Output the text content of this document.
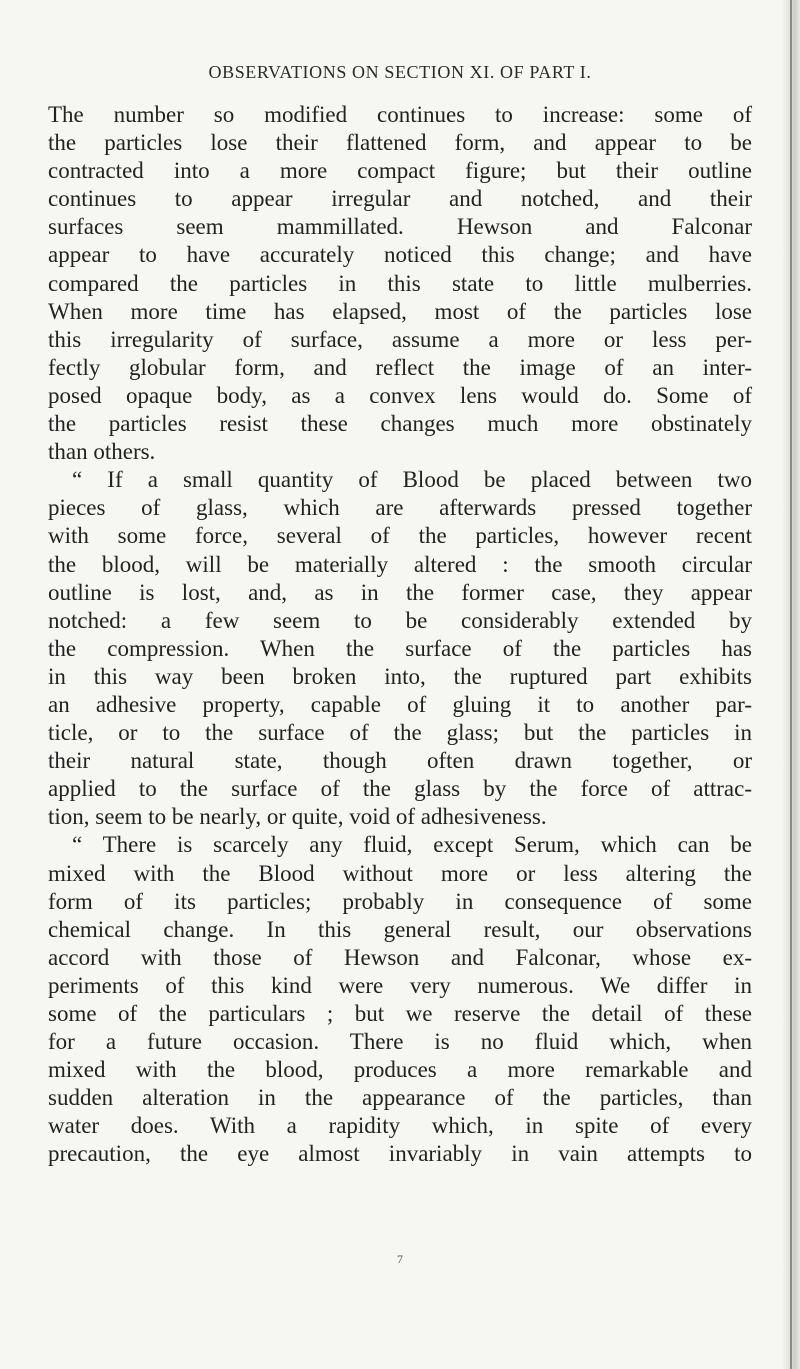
OBSERVATIONS ON SECTION XI. OF PART I.
The number so modified continues to increase: some of
the particles lose their flattened form, and appear to be
contracted into a more compact figure; but their outline
continues to appear irregular and notched, and their
surfaces seem mammillated. Hewson and Falconar
appear to have accurately noticed this change; and have
compared the particles in this state to little mulberries.
When more time has elapsed, most of the particles lose
this irregularity of surface, assume a more or less per-
fectly globular form, and reflect the image of an inter-
posed opaque body, as a convex lens would do. Some of
the particles resist these changes much more obstinately
than others.
“ If a small quantity of Blood be placed between two
pieces of glass, which are afterwards pressed together
with some force, several of the particles, however recent
the blood, will be materially altered : the smooth circular
outline is lost, and, as in the former case, they appear
notched: a few seem to be considerably extended by
the compression. When the surface of the particles has
in this way been broken into, the ruptured part exhibits
an adhesive property, capable of gluing it to another par-
ticle, or to the surface of the glass; but the particles in
their natural state, though often drawn together, or
applied to the surface of the glass by the force of attrac-
tion, seem to be nearly, or quite, void of adhesiveness.
“ There is scarcely any fluid, except Serum, which can be
mixed with the Blood without more or less altering the
form of its particles; probably in consequence of some
chemical change. In this general result, our observations
accord with those of Hewson and Falconar, whose ex-
periments of this kind were very numerous. We differ in
some of the particulars ; but we reserve the detail of these
for a future occasion. There is no fluid which, when
mixed with the blood, produces a more remarkable and
sudden alteration in the appearance of the particles, than
water does. With a rapidity which, in spite of every
precaution, the eye almost invariably in vain attempts to
7
